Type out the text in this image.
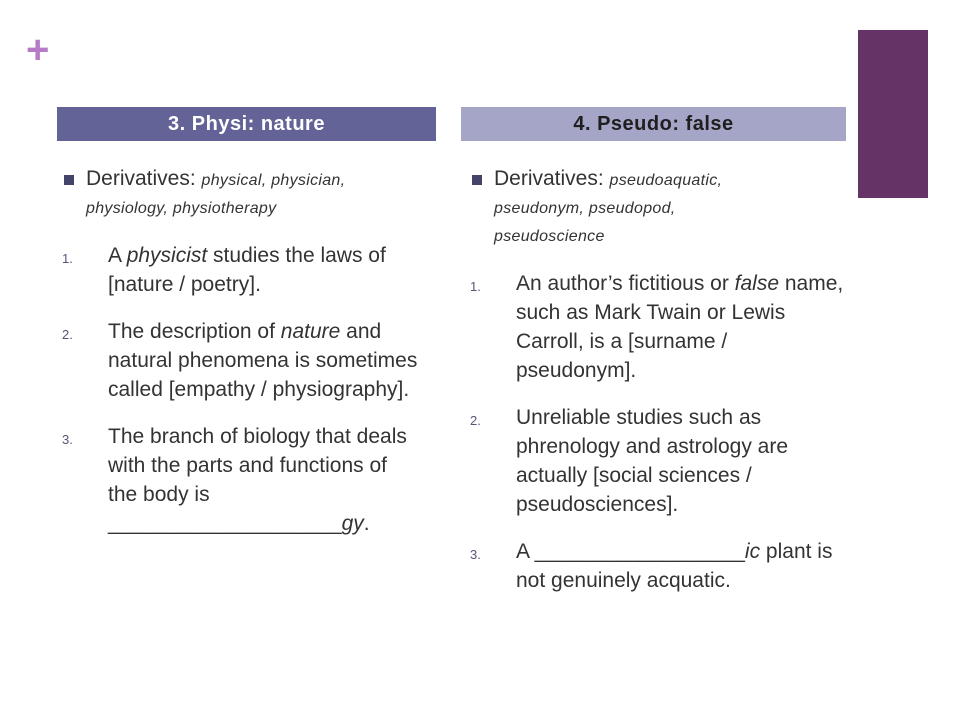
+
3. Physi: nature
Derivatives: physical, physician,
physiology, physiotherapy
1. A physicist studies the laws of [nature / poetry].
2. The description of nature and natural phenomena is sometimes called [empathy / physiography].
3. The branch of biology that deals with the parts and functions of the body is ____________________gy.
4. Pseudo: false
Derivatives: pseudoaquatic,
pseudonym, pseudopod,
pseudoscience
1. An author’s fictitious or false name, such as Mark Twain or Lewis Carroll, is a [surname / pseudonym].
2. Unreliable studies such as phrenology and astrology are actually [social sciences / pseudosciences].
3. A __________________ic plant is not genuinely acquatic.
